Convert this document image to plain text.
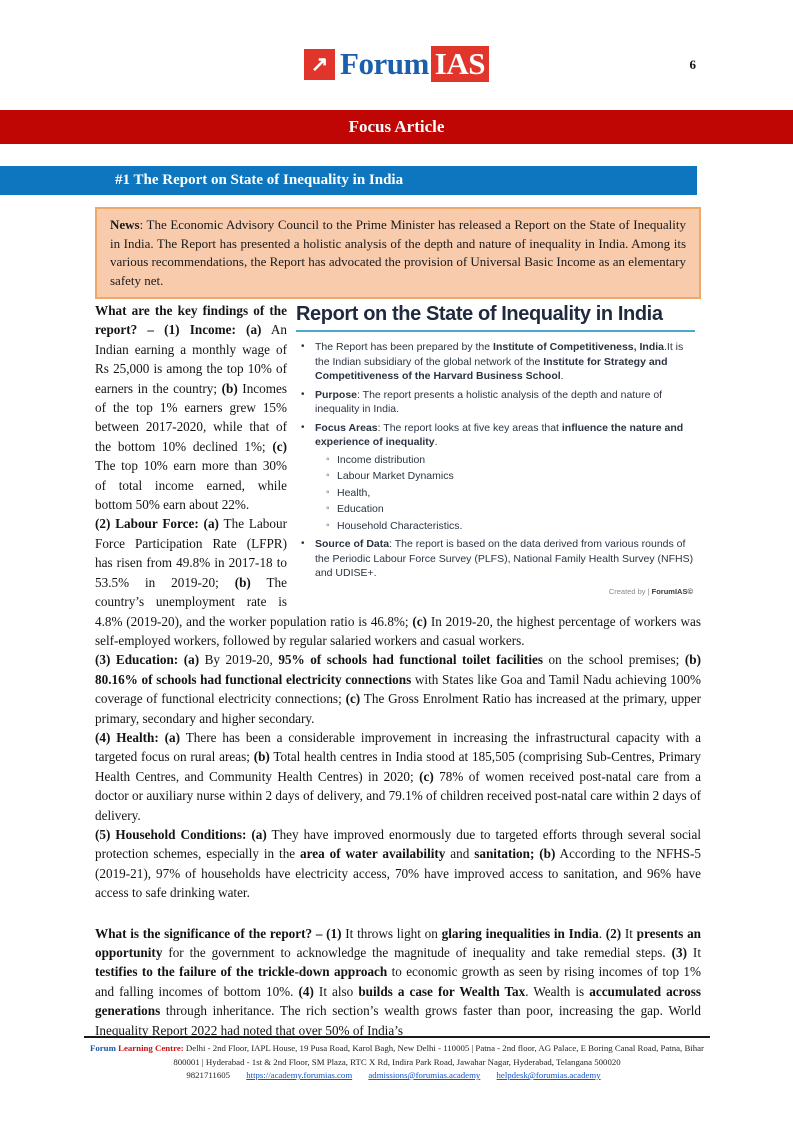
↗ Forum IAS	6
Focus Article
#1 The Report on State of Inequality in India
News: The Economic Advisory Council to the Prime Minister has released a Report on the State of Inequality in India. The Report has presented a holistic analysis of the depth and nature of inequality in India. Among its various recommendations, the Report has advocated the provision of Universal Basic Income as an elementary safety net.
Report on the State of Inequality in India
• The Report has been prepared by the Institute of Competitiveness, India.It is the Indian subsidiary of the global network of the Institute for Strategy and Competitiveness of the Harvard Business School.
• Purpose: The report presents a holistic analysis of the depth and nature of inequality in India.
• Focus Areas: The report looks at five key areas that influence the nature and experience of inequality.
◦ Income distribution
◦ Labour Market Dynamics
◦ Health,
◦ Education
◦ Household Characteristics.
• Source of Data: The report is based on the data derived from various rounds of the Periodic Labour Force Survey (PLFS), National Family Health Survey (NFHS) and UDISE+.
Created by | ForumIAS©

What are the key findings of the report? – (1) Income: (a) An Indian earning a monthly wage of Rs 25,000 is among the top 10% of earners in the country; (b) Incomes of the top 1% earners grew 15% between 2017-2020, while that of the bottom 10% declined 1%; (c) The top 10% earn more than 30% of total income earned, while bottom 50% earn about 22%.

(2) Labour Force: (a) The Labour Force Participation Rate (LFPR) has risen from 49.8% in 2017-18 to 53.5% in 2019-20; (b) The country’s unemployment rate is 4.8% (2019-20), and the worker population ratio is 46.8%; (c) In 2019-20, the highest percentage of workers was self-employed workers, followed by regular salaried workers and casual workers.

(3) Education: (a) By 2019-20, 95% of schools had functional toilet facilities on the school premises; (b) 80.16% of schools had functional electricity connections with States like Goa and Tamil Nadu achieving 100% coverage of functional electricity connections; (c) The Gross Enrolment Ratio has increased at the primary, upper primary, secondary and higher secondary.

(4) Health: (a) There has been a considerable improvement in increasing the infrastructural capacity with a targeted focus on rural areas; (b) Total health centres in India stood at 185,505 (comprising Sub-Centres, Primary Health Centres, and Community Health Centres) in 2020; (c) 78% of women received post-natal care from a doctor or auxiliary nurse within 2 days of delivery, and 79.1% of children received post-natal care within 2 days of delivery.

(5) Household Conditions: (a) They have improved enormously due to targeted efforts through several social protection schemes, especially in the area of water availability and sanitation; (b) According to the NFHS-5 (2019-21), 97% of households have electricity access, 70% have improved access to sanitation, and 96% have access to safe drinking water.

What is the significance of the report? – (1) It throws light on glaring inequalities in India. (2) It presents an opportunity for the government to acknowledge the magnitude of inequality and take remedial steps. (3) It testifies to the failure of the trickle-down approach to economic growth as seen by rising incomes of top 1% and falling incomes of bottom 10%. (4) It also builds a case for Wealth Tax. Wealth is accumulated across generations through inheritance. The rich section’s wealth grows faster than poor, increasing the gap. World Inequality Report 2022 had noted that over 50% of India’s

Forum Learning Centre: Delhi - 2nd Floor, IAPL House, 19 Pusa Road, Karol Bagh, New Delhi - 110005 | Patna - 2nd floor, AG Palace, E Boring Canal Road, Patna, Bihar 800001 | Hyderabad - 1st & 2nd Floor, SM Plaza, RTC X Rd, Indira Park Road, Jawahar Nagar, Hyderabad, Telangana 500020

9821711605 https://academy.forumias.com admissions@forumias.academy helpdesk@forumias.academy
